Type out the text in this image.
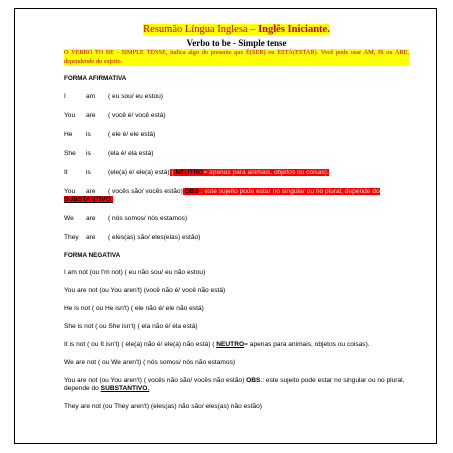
Resumão Língua Inglesa – Inglês Iniciante.
Verbo to be - Simple tense
O VERBO TO BE - SIMPLE TENSE, indica algo do presente que É(SER) ou ESTÁ(ESTAR). Você pode usar AM, IS ou ARE, dependendo do sujeito.
FORMA AFIRMATIVA
I	am ( eu sou/ eu estou)
You are ( você é/ você está)
He is	( ele é/ ele está)
She is	(ela é/ ela está)
It	is	(ele(a) é/ ele(a) está) ( NEUTRO= apenas para animais, objetos ou coisas).
You are ( vocês são/ vocês estão) OBS.: este sujeito pode estar no singular ou no plural, depende do SUBSTANTIVO.
We are ( nós somos/ nós estamos)
They are ( eles(as) são/ eles(elas) estão)
FORMA NEGATIVA
I am not (ou I'm not) ( eu não sou/ eu não estou)
You are not (ou You aren't) (você não é/ você não está)
He is not ( ou He isn't) ( ele não é/ ele não está)
She is not ( ou She isn't) ( ela não é/ ela está)
It is not ( ou It isn't) ( ele(a) não é/ ele(a) não está) ( NEUTRO= apenas para animais, objetos ou coisas).
We are not ( ou We aren't) ( nós somos/ nós não estamos)
You are not (ou You aren't) ( vocês não são/ vocês não estão) OBS.: este sujeito pode estar no singular ou no plural, depende do SUBSTANTIVO.
They are not (ou They aren't) (eles(as) não são/ eles(as) não estão)
